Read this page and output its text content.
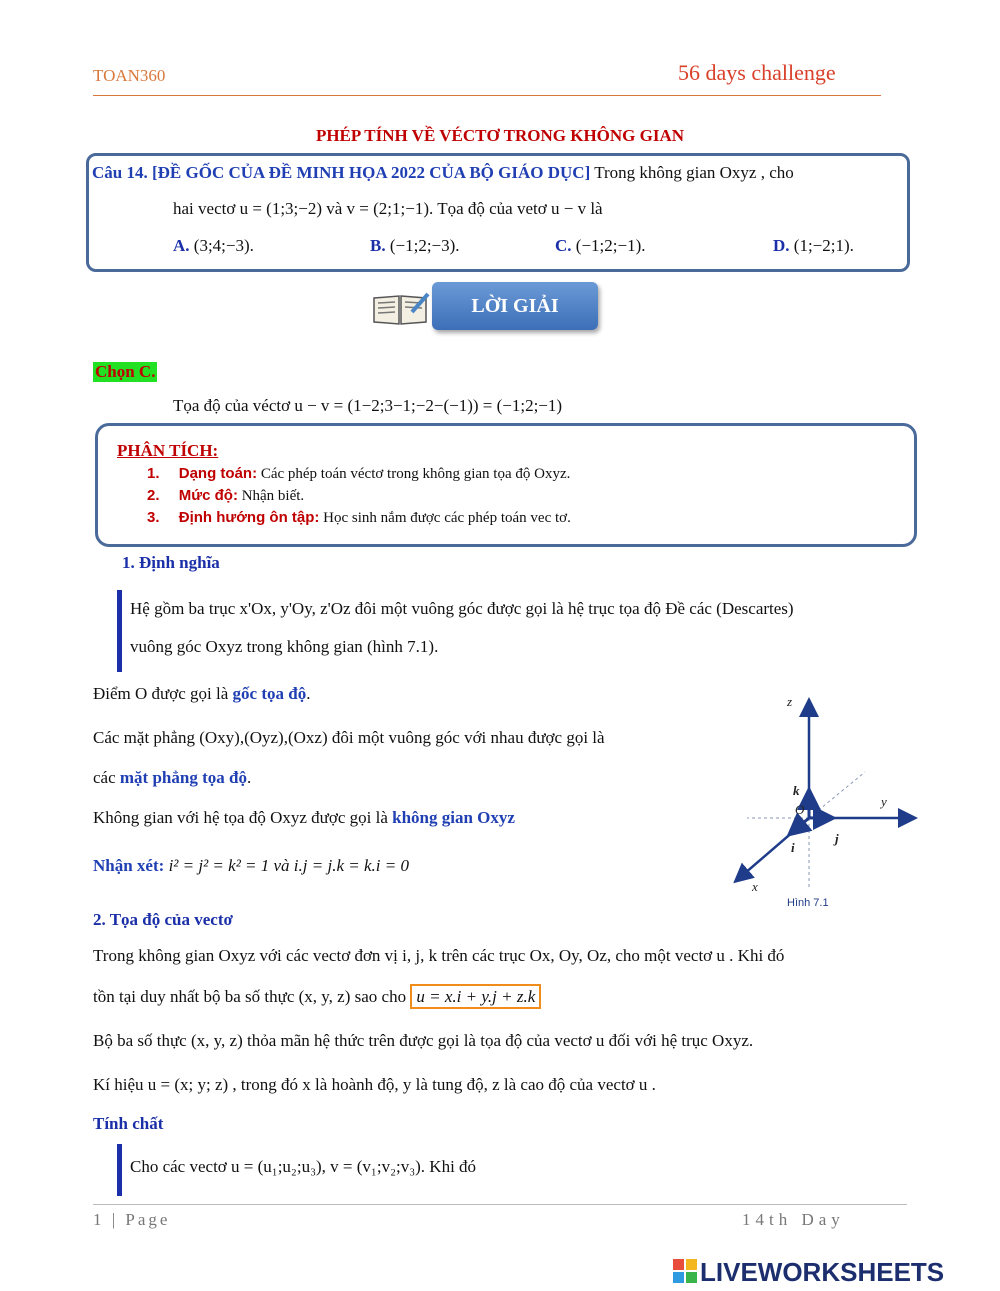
TOAN360	56 days challenge
PHÉP TÍNH VỀ VÉCTƠ TRONG KHÔNG GIAN
Câu 14. [ĐỀ GỐC CỦA ĐỀ MINH HỌA 2022 CỦA BỘ GIÁO DỤC] Trong không gian Oxyz , cho
hai vectơ u = (1;3;−2) và v = (2;1;−1). Tọa độ của vetơ u − v là
A. (3;4;−3).	B. (−1;2;−3).	C. (−1;2;−1).	D. (1;−2;1).
LỜI GIẢI
Chọn C.
Tọa độ của véctơ u − v = (1−2;3−1;−2−(−1)) = (−1;2;−1)
PHÂN TÍCH:
1. Dạng toán: Các phép toán véctơ trong không gian tọa độ Oxyz.
2. Mức độ: Nhận biết.
3. Định hướng ôn tập: Học sinh nắm được các phép toán vec tơ.
1. Định nghĩa
Hệ gồm ba trục x'Ox, y'Oy, z'Oz đôi một vuông góc được gọi là hệ trục tọa độ Đề các (Descartes)
vuông góc Oxyz trong không gian (hình 7.1).
Điểm O được gọi là gốc tọa độ.
Các mặt phẳng (Oxy),(Oyz),(Oxz) đôi một vuông góc với nhau được gọi là
các mặt phẳng tọa độ.
Không gian với hệ tọa độ Oxyz được gọi là không gian Oxyz
Nhận xét: i² = j² = k² = 1 và i.j = j.k = k.i = 0
z
y
x
O
k
j
i
Hình 7.1
2. Tọa độ của vectơ
Trong không gian Oxyz với các vectơ đơn vị i, j, k trên các trục Ox, Oy, Oz, cho một vectơ u . Khi đó
tồn tại duy nhất bộ ba số thực (x, y, z) sao cho u = x.i + y.j + z.k
Bộ ba số thực (x, y, z) thỏa mãn hệ thức trên được gọi là tọa độ của vectơ u đối với hệ trục Oxyz.
Kí hiệu u = (x; y; z) , trong đó x là hoành độ, y là tung độ, z là cao độ của vectơ u .
Tính chất
Cho các vectơ u = (u₁;u₂;u₃), v = (v₁;v₂;v₃). Khi đó
1 | Page	14th Day
LIVEWORKSHEETS
